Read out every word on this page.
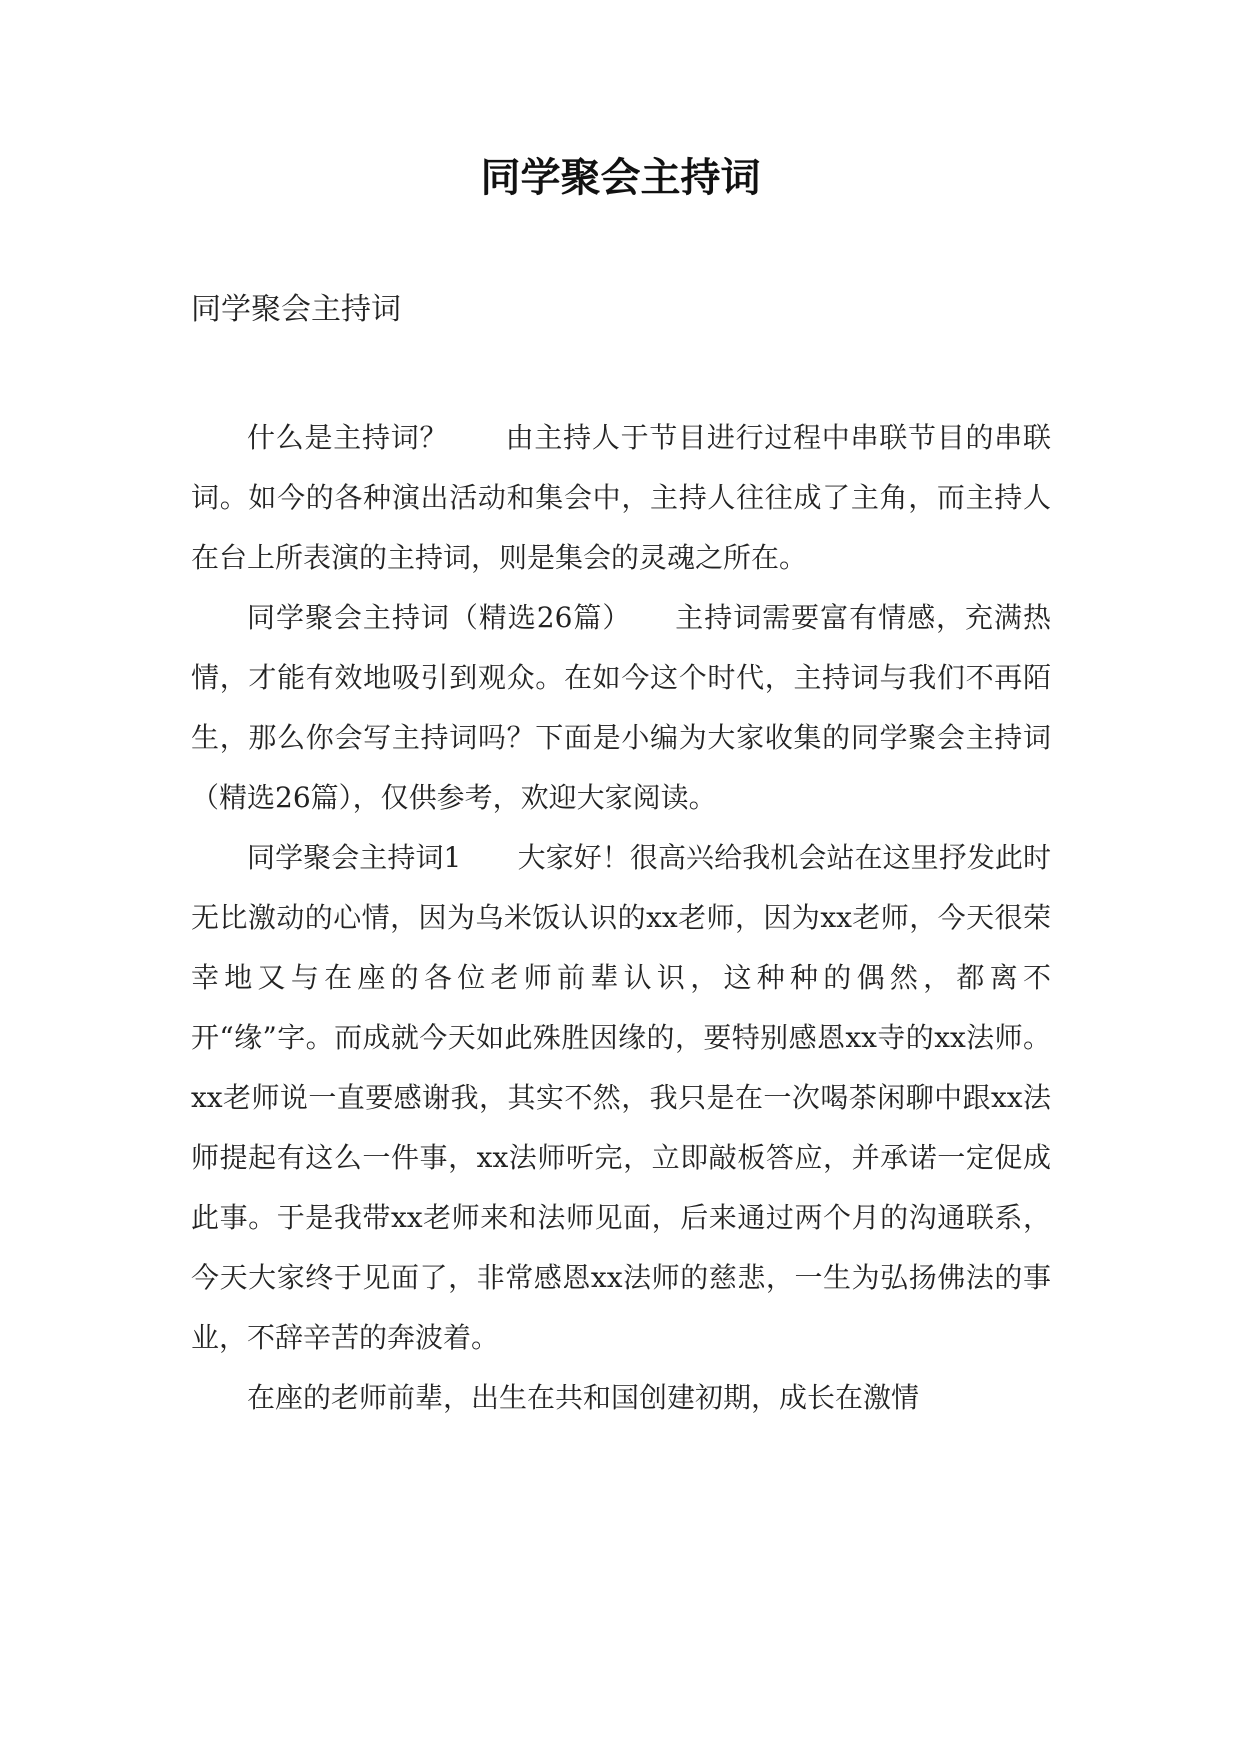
同学聚会主持词
同学聚会主持词

什么是主持词？　　由主持人于节目进行过程中串联节目的串联词。如今的各种演出活动和集会中，主持人往往成了主角，而主持人在台上所表演的主持词，则是集会的灵魂之所在。

同学聚会主持词（精选26篇）　　主持词需要富有情感，充满热情，才能有效地吸引到观众。在如今这个时代，主持词与我们不再陌生，那么你会写主持词吗？下面是小编为大家收集的同学聚会主持词（精选26篇），仅供参考，欢迎大家阅读。

同学聚会主持词1　　大家好！很高兴给我机会站在这里抒发此时无比激动的心情，因为乌米饭认识的xx老师，因为xx老师，今天很荣幸地又与在座的各位老师前辈认识，这种种的偶然，都离不开“缘”字。而成就今天如此殊胜因缘的，要特别感恩xx寺的xx法师。xx老师说一直要感谢我，其实不然，我只是在一次喝茶闲聊中跟xx法师提起有这么一件事，xx法师听完，立即敲板答应，并承诺一定促成此事。于是我带xx老师来和法师见面，后来通过两个月的沟通联系，今天大家终于见面了，非常感恩xx法师的慈悲，一生为弘扬佛法的事业，不辞辛苦的奔波着。

在座的老师前辈，出生在共和国创建初期，成长在激情
